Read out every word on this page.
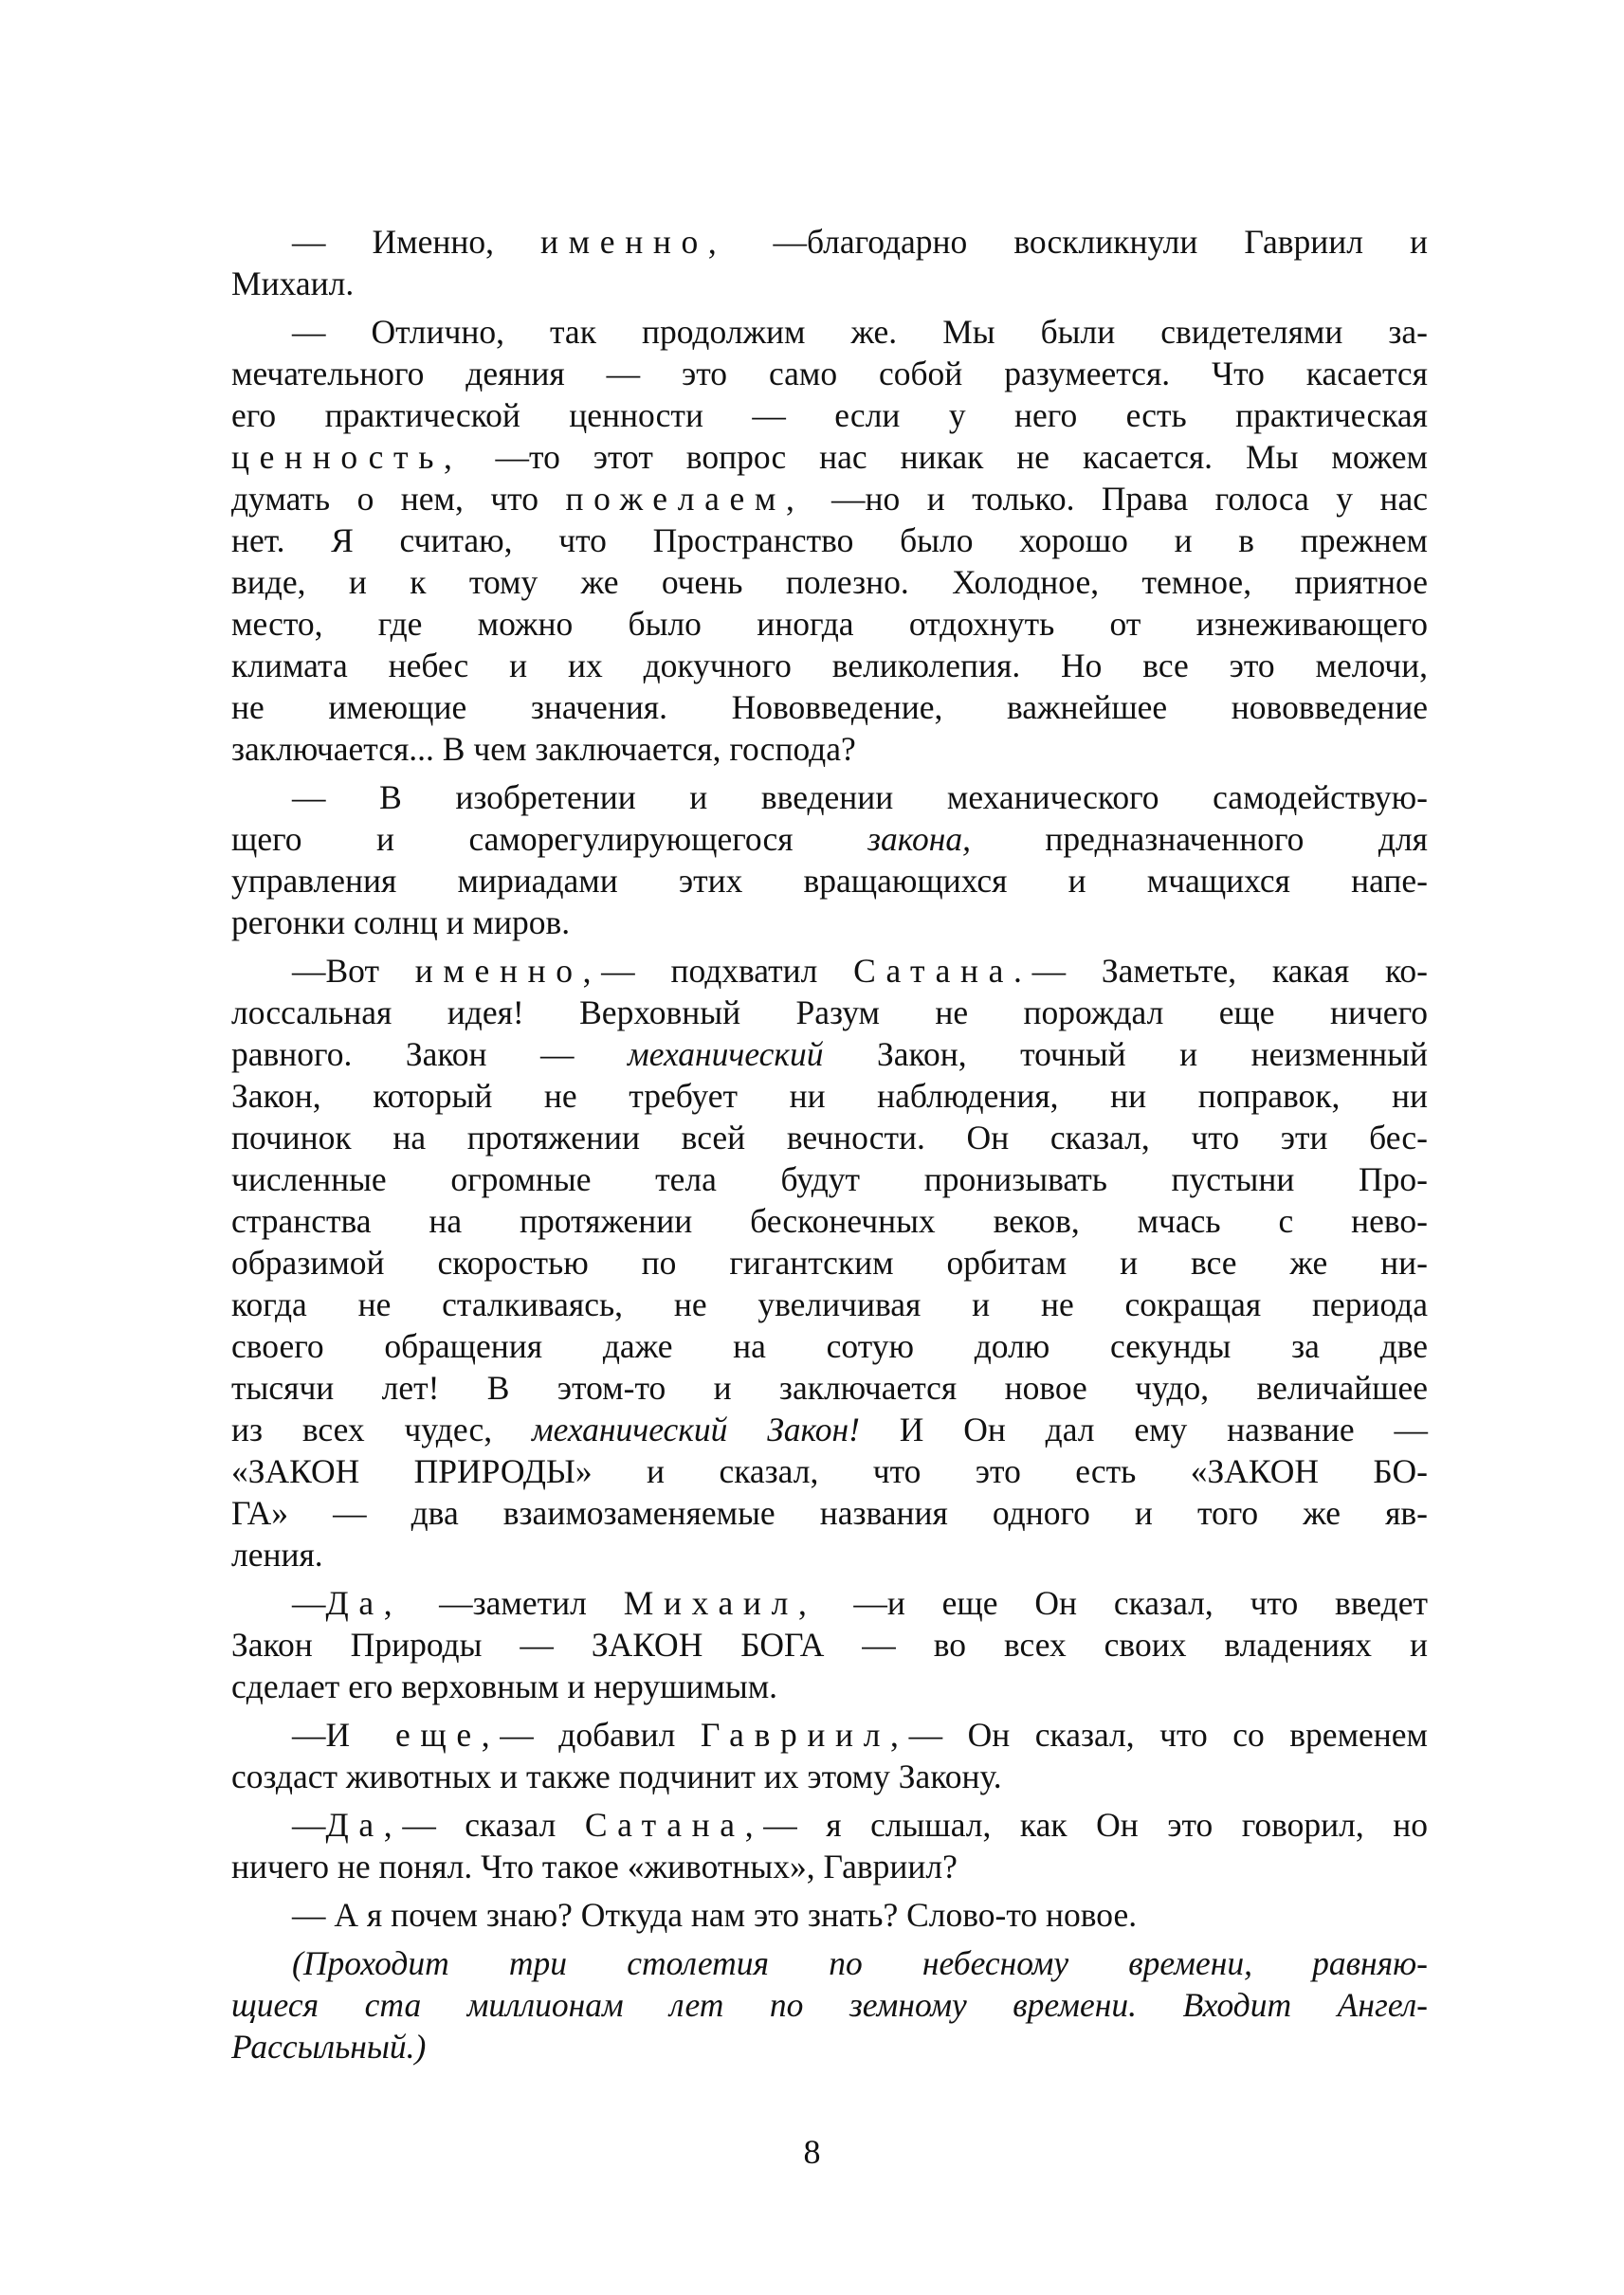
— Именно, именно, —благодарно воскликнули Гавриил и
Михаил.
— Отлично, так продолжим же. Мы были свидетелями за-
мечательного деяния — это само собой разумеется. Что касается
его практической ценности — если у него есть практическая
ценность, —то этот вопрос нас никак не касается. Мы можем
думать о нем, что пожелаем, —но и только. Права голоса у нас
нет. Я считаю, что Пространство было хорошо и в прежнем
виде, и к тому же очень полезно. Холодное, темное, приятное
место, где можно было иногда отдохнуть от изнеживающего
климата небес и их докучного великолепия. Но все это мелочи,
не имеющие значения. Нововведение, важнейшее нововведение
заключается... В чем заключается, господа?
— В изобретении и введении механического самодействую-
щего и саморегулирующегося закона, предназначенного для
управления мириадами этих вращающихся и мчащихся напе-
регонки солнц и миров.
—Вот именно,— подхватил Сатана.— Заметьте, какая ко-
лоссальная идея! Верховный Разум не порождал еще ничего
равного. Закон — механический Закон, точный и неизменный
Закон, который не требует ни наблюдения, ни поправок, ни
починок на протяжении всей вечности. Он сказал, что эти бес-
численные огромные тела будут пронизывать пустыни Про-
странства на протяжении бесконечных веков, мчась с нево-
образимой скоростью по гигантским орбитам и все же ни-
когда не сталкиваясь, не увеличивая и не сокращая периода
своего обращения даже на сотую долю секунды за две
тысячи лет! В этом-то и заключается новое чудо, величайшее
из всех чудес, механический Закон! И Он дал ему название —
«ЗАКОН ПРИРОДЫ» и сказал, что это есть «ЗАКОН БО-
ГА» — два взаимозаменяемые названия одного и того же яв-
ления.
—Да, —заметил Михаил, —и еще Он сказал, что введет
Закон Природы — ЗАКОН БОГА — во всех своих владениях и
сделает его верховным и нерушимым.
—И еще,— добавил Гавриил,— Он сказал, что со временем
создаст животных и также подчинит их этому Закону.
—Да,— сказал Сатана,— я слышал, как Он это говорил, но
ничего не понял. Что такое «животных», Гавриил?
— А я почем знаю? Откуда нам это знать? Слово-то новое.
(Проходит три столетия по небесному времени, равняю-
щиеся ста миллионам лет по земному времени. Входит Ангел-
Рассыльный.)
8
